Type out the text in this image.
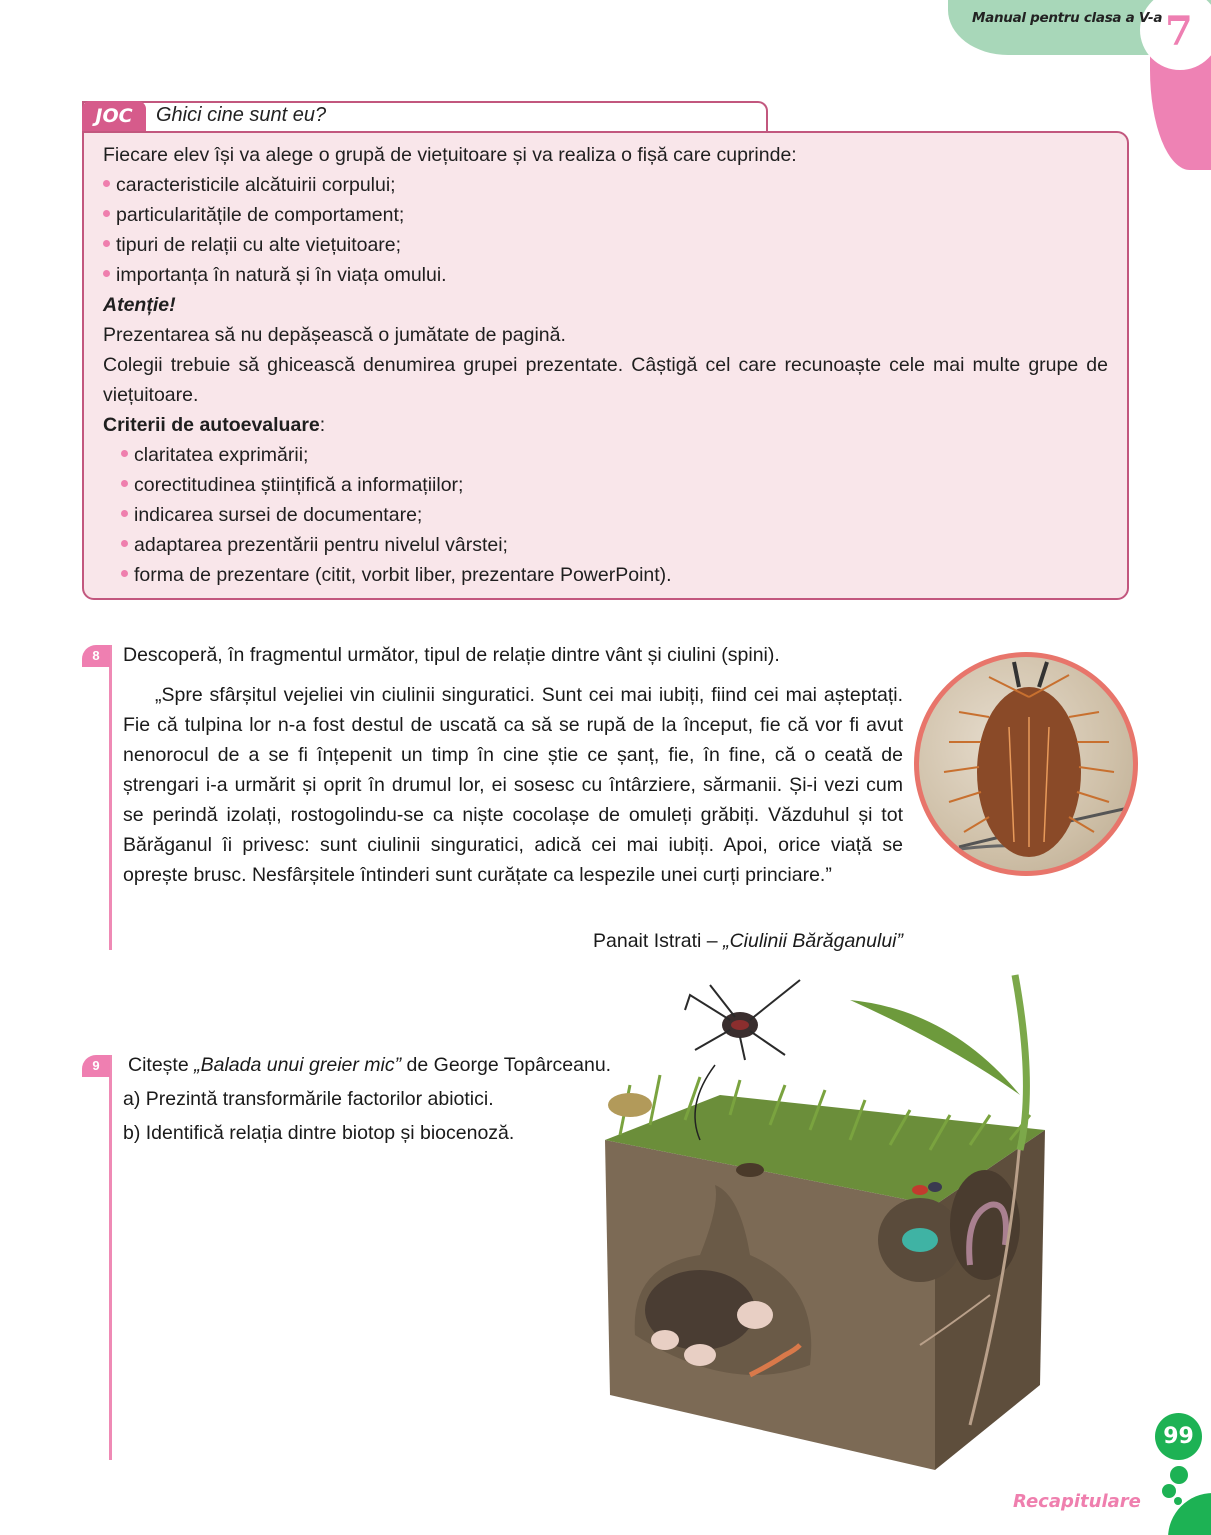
Manual pentru clasa a V-a 7
JOC	Ghici cine sunt eu?

Fiecare elev își va alege o grupă de viețuitoare și va realiza o fișă care cuprinde:

caracteristicile alcătuirii corpului;

particularitățile de comportament;

tipuri de relații cu alte viețuitoare;

importanța în natură și în viața omului.

Atenție!

Prezentarea să nu depășească o jumătate de pagină.

Colegii trebuie să ghicească denumirea grupei prezentate. Câștigă cel care recunoaște cele mai multe grupe de viețuitoare.

Criterii de autoevaluare:

claritatea exprimării;

corectitudinea științifică a informațiilor;

indicarea sursei de documentare;

adaptarea prezentării pentru nivelul vârstei;

forma de prezentare (citit, vorbit liber, prezentare PowerPoint).

8	Descoperă, în fragmentul următor, tipul de relație dintre vânt și ciulini (spini).

„Spre sfârșitul vejeliei vin ciulinii singuratici. Sunt cei mai iubiți, fiind cei mai așteptați. Fie că tulpina lor n-a fost destul de uscată ca să se rupă de la început, fie că vor fi avut nenorocul de a se fi înțepenit un timp în cine știe ce șanț, fie, în fine, că o ceată de ștrengari i-a urmărit și oprit în drumul lor, ei sosesc cu întârziere, sărmanii. Și-i vezi cum se perindă izolați, rostogolindu-se ca niște cocolașe de omuleți grăbiți. Văzduhul și tot Bărăganul îi privesc: sunt ciulinii singuratici, adică cei mai iubiți. Apoi, orice viață se oprește brusc. Nesfârșitele întinderi sunt curățate ca lespezile unei curți princiare.”

Panait Istrati – „Ciulinii Bărăganului”
9	Citește „Balada unui greier mic” de George Topârceanu.

a) Prezintă transformările factorilor abiotici.

b) Identifică relația dintre biotop și biocenoză.

99
Recapitulare
